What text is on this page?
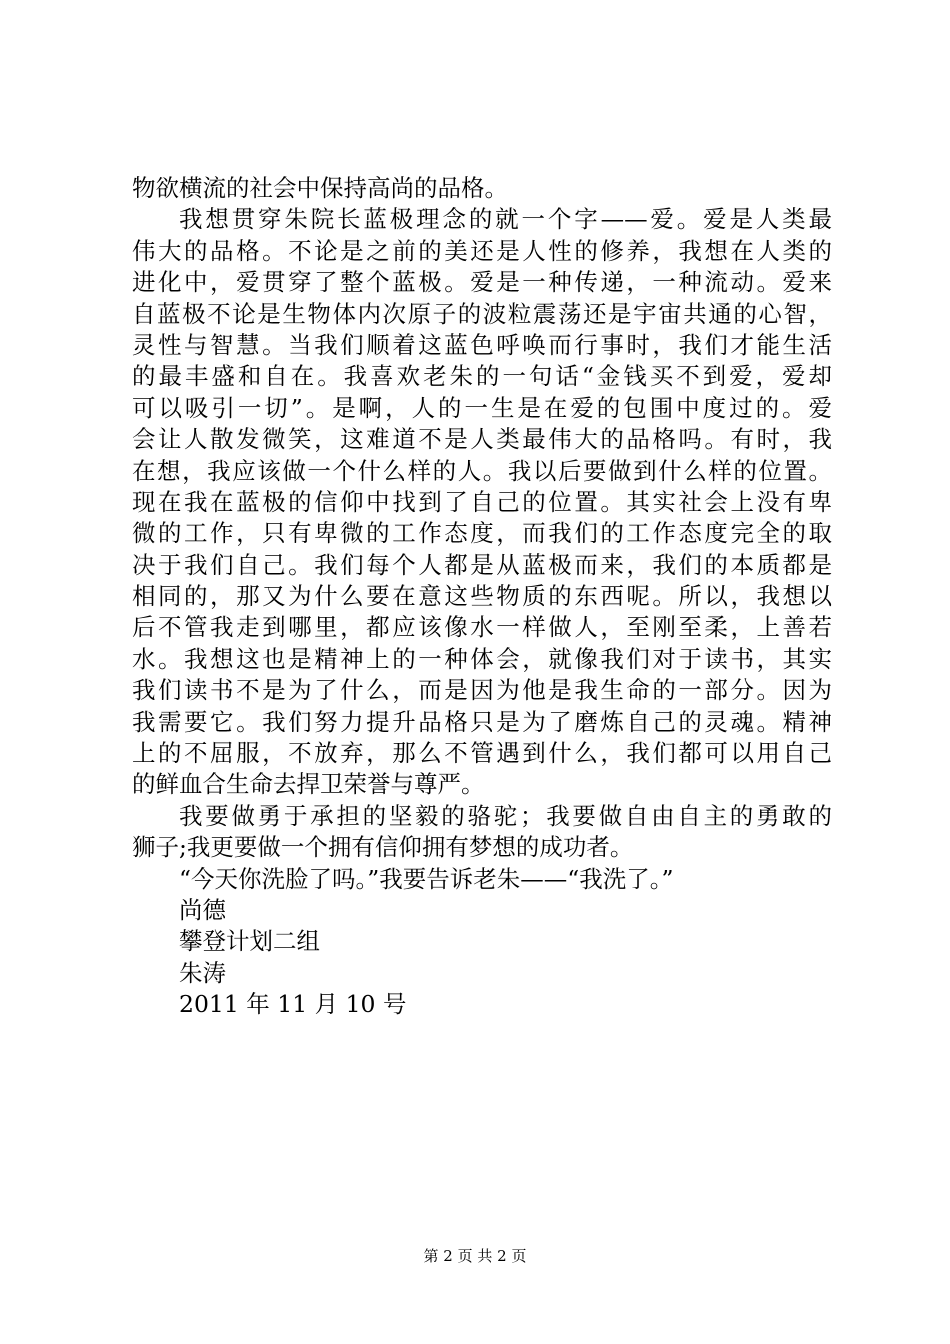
物欲横流的社会中保持高尚的品格。
我想贯穿朱院长蓝极理念的就一个字——爱。爱是人类最
伟大的品格。不论是之前的美还是人性的修养，我想在人类的
进化中，爱贯穿了整个蓝极。爱是一种传递，一种流动。爱来
自蓝极不论是生物体内次原子的波粒震荡还是宇宙共通的心智，
灵性与智慧。当我们顺着这蓝色呼唤而行事时，我们才能生活
的最丰盛和自在。我喜欢老朱的一句话“金钱买不到爱，爱却
可以吸引一切”。是啊，人的一生是在爱的包围中度过的。爱
会让人散发微笑，这难道不是人类最伟大的品格吗。有时，我
在想，我应该做一个什么样的人。我以后要做到什么样的位置。
现在我在蓝极的信仰中找到了自己的位置。其实社会上没有卑
微的工作，只有卑微的工作态度，而我们的工作态度完全的取
决于我们自己。我们每个人都是从蓝极而来，我们的本质都是
相同的，那又为什么要在意这些物质的东西呢。所以，我想以
后不管我走到哪里，都应该像水一样做人，至刚至柔，上善若
水。我想这也是精神上的一种体会，就像我们对于读书，其实
我们读书不是为了什么，而是因为他是我生命的一部分。因为
我需要它。我们努力提升品格只是为了磨炼自己的灵魂。精神
上的不屈服，不放弃，那么不管遇到什么，我们都可以用自己
的鲜血合生命去捍卫荣誉与尊严。
我要做勇于承担的坚毅的骆驼；我要做自由自主的勇敢的
狮子;我更要做一个拥有信仰拥有梦想的成功者。
“今天你洗脸了吗。”我要告诉老朱——“我洗了。”
尚德
攀登计划二组
朱涛
2011 年 11 月 10 号
第 2 页 共 2 页
